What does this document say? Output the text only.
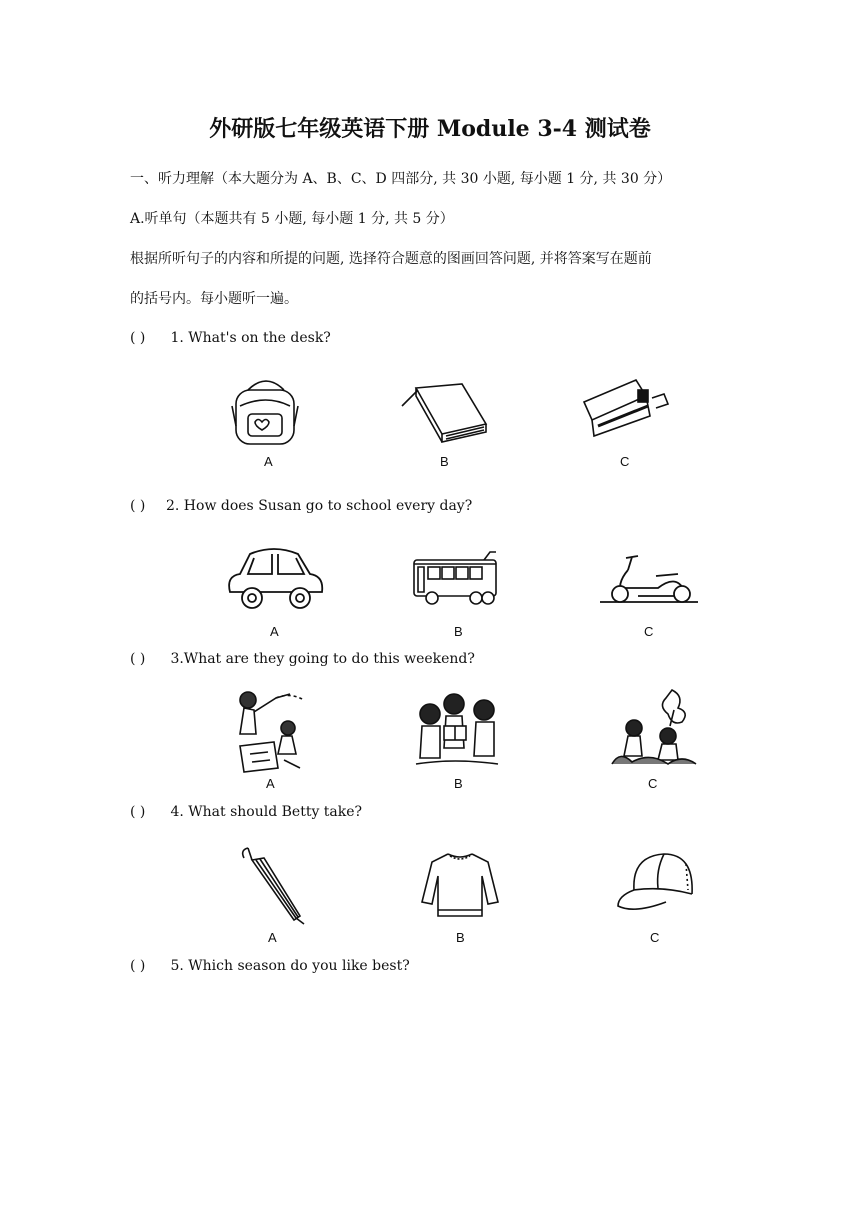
外研版七年级英语下册 Module 3-4 测试卷
一、听力理解（本大题分为 A、B、C、D 四部分, 共 30 小题, 每小题 1 分, 共 30 分）
A.听单句（本题共有 5 小题, 每小题 1 分, 共 5 分）
根据所听句子的内容和所提的问题, 选择符合题意的图画回答问题, 并将答案写在题前
的括号内。每小题听一遍。
( ) 1. What's on the desk?
A	B	C
( ) 2. How does Susan go to school every day?
A	B	C
( ) 3.What are they going to do this weekend?
A	B	C
( ) 4. What should Betty take?
A	B	C
( ) 5. Which season do you like best?
